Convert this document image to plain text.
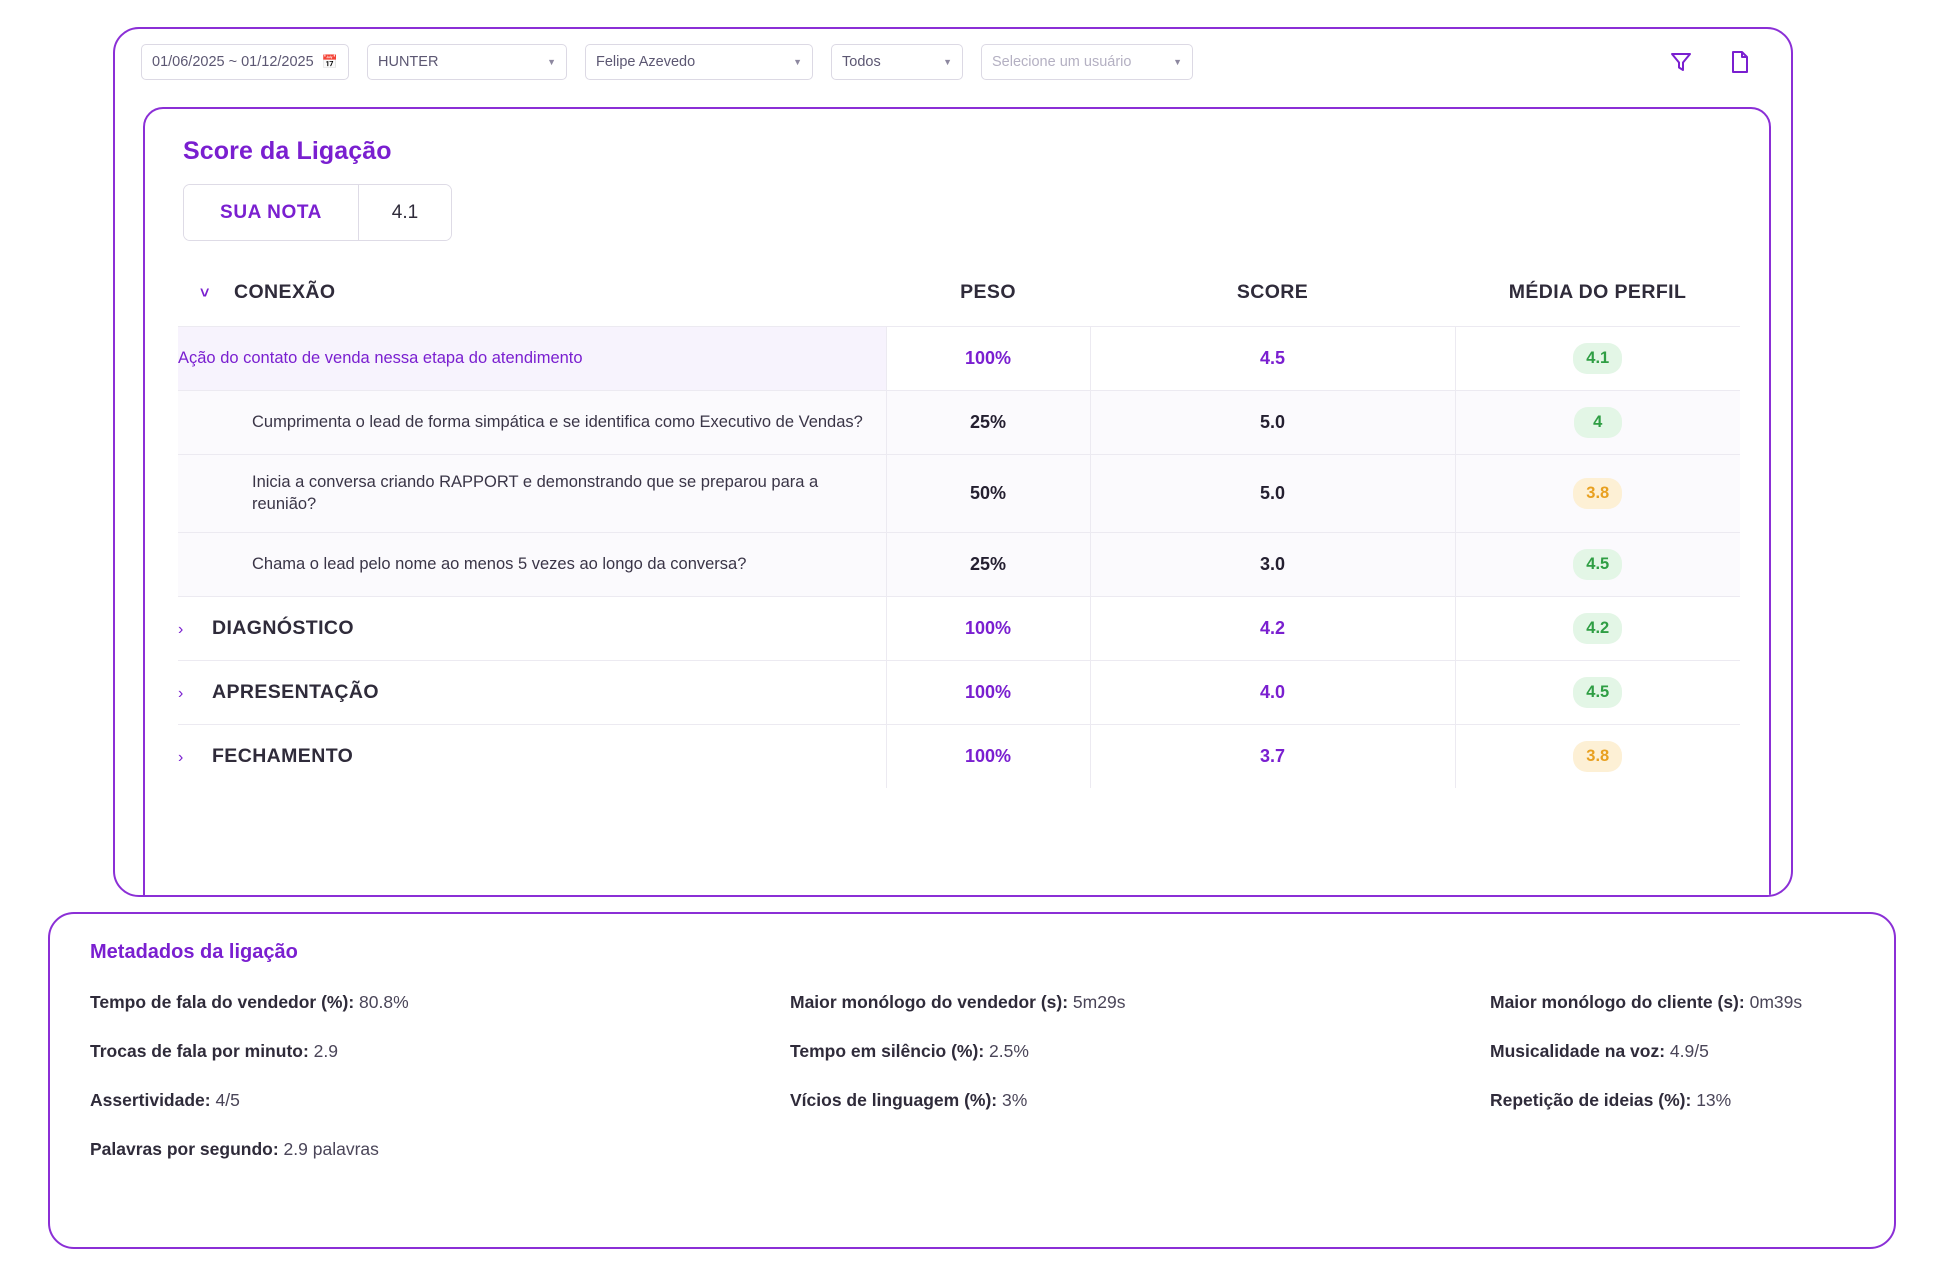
01/06/2025 ~ 01/12/2025 📅	HUNTER	▼	Felipe Azevedo	▼	Todos	▼	Selecione um usuário	▼
Score da Ligação
SUA NOTA	4.1
˅ CONEXÃO	PESO	SCORE	MÉDIA DO PERFIL
Ação do contato de venda nessa etapa do atendimento	100%	4.5	4.1
Cumprimenta o lead de forma simpática e se identifica como Executivo de Vendas?	25%	5.0	4
Inicia a conversa criando RAPPORT e demonstrando que se preparou para a reunião?	50%	5.0	3.8
Chama o lead pelo nome ao menos 5 vezes ao longo da conversa?	25%	3.0	4.5
› DIAGNÓSTICO	100%	4.2	4.2
› APRESENTAÇÃO	100%	4.0	4.5
› FECHAMENTO	100%	3.7	3.8
Metadados da ligação
Tempo de fala do vendedor (%): 80.8%	Maior monólogo do vendedor (s): 5m29s	Maior monólogo do cliente (s): 0m39s
Trocas de fala por minuto: 2.9	Tempo em silêncio (%): 2.5%	Musicalidade na voz: 4.9/5
Assertividade: 4/5	Vícios de linguagem (%): 3%	Repetição de ideias (%): 13%
Palavras por segundo: 2.9 palavras
